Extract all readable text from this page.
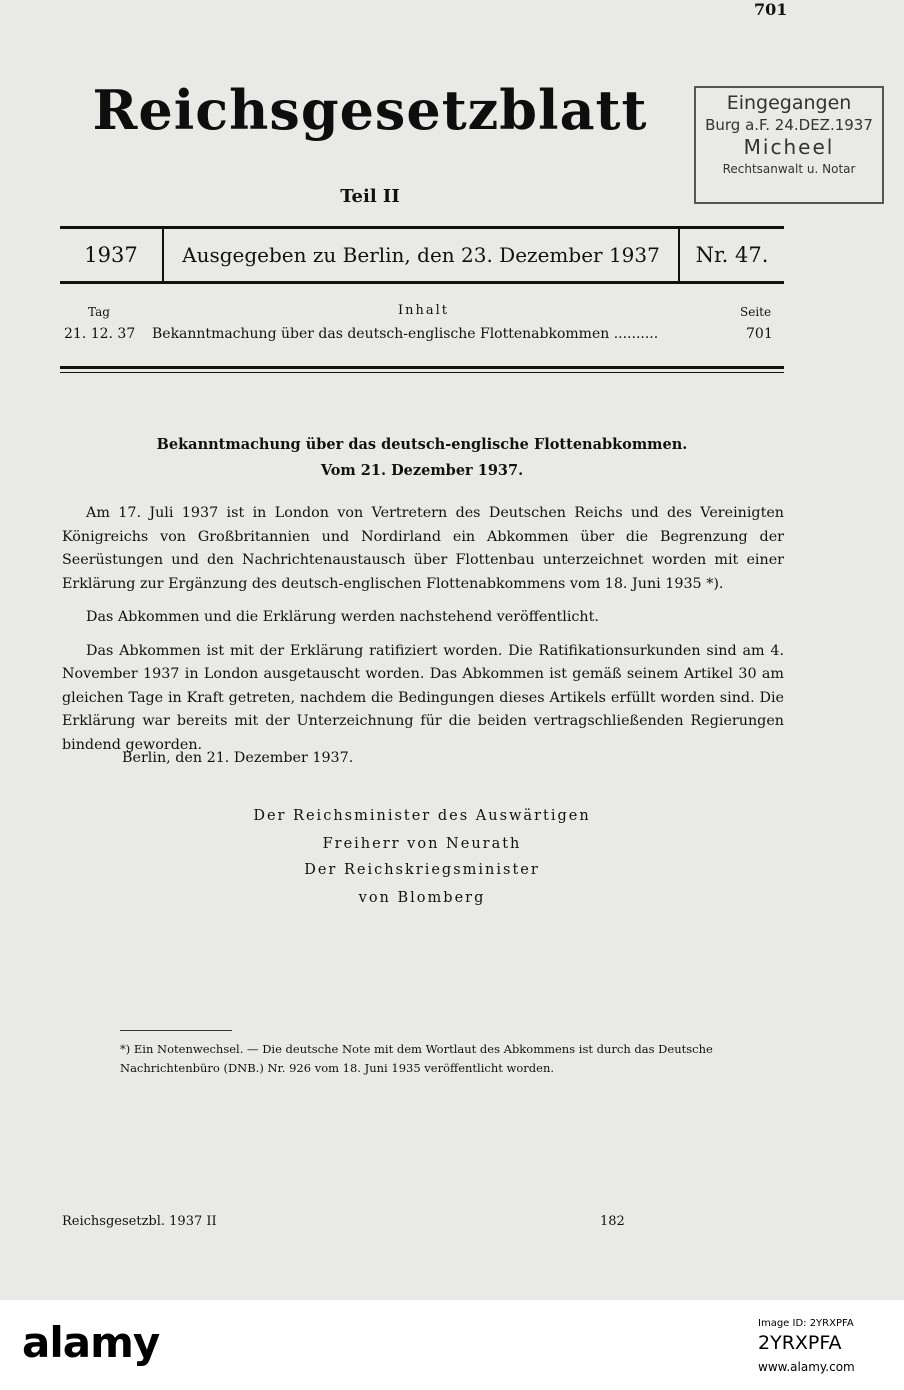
701
Reichsgesetzblatt
Teil II
Eingegangen
Burg a.F. 24.DEZ.1937
Micheel
Rechtsanwalt u. Notar
1937	Ausgegeben zu Berlin, den 23. Dezember 1937	Nr. 47.
Tag	Inhalt	Seite
21. 12. 37 Bekanntmachung über das deutsch-englische Flottenabkommen ..........	701
Bekanntmachung über das deutsch-englische Flottenabkommen.
Vom 21. Dezember 1937.

Am 17. Juli 1937 ist in London von Vertretern des Deutschen Reichs und des Vereinigten Königreichs von Großbritannien und Nordirland ein Abkommen über die Begrenzung der Seerüstungen und den Nachrichtenaustausch über Flottenbau unterzeichnet worden mit einer Erklärung zur Ergänzung des deutsch-englischen Flottenabkommens vom 18. Juni 1935 *).

Das Abkommen und die Erklärung werden nachstehend veröffentlicht.

Das Abkommen ist mit der Erklärung ratifiziert worden. Die Ratifikationsurkunden sind am 4. November 1937 in London ausgetauscht worden. Das Abkommen ist gemäß seinem Artikel 30 am gleichen Tage in Kraft getreten, nachdem die Bedingungen dieses Artikels erfüllt worden sind. Die Erklärung war bereits mit der Unterzeichnung für die beiden vertragschließenden Regierungen bindend geworden.

Berlin, den 21. Dezember 1937.
Der Reichsminister des Auswärtigen
Freiherr von Neurath
Der Reichskriegsminister
von Blomberg
*) Ein Notenwechsel. — Die deutsche Note mit dem Wortlaut des Abkommens ist durch das Deutsche Nachrichtenbüro (DNB.) Nr. 926 vom 18. Juni 1935 veröffentlicht worden.
Reichsgesetzbl. 1937 II	182
alamy	Image ID: 2YRXPFA
2YRXPFA
www.alamy.com
